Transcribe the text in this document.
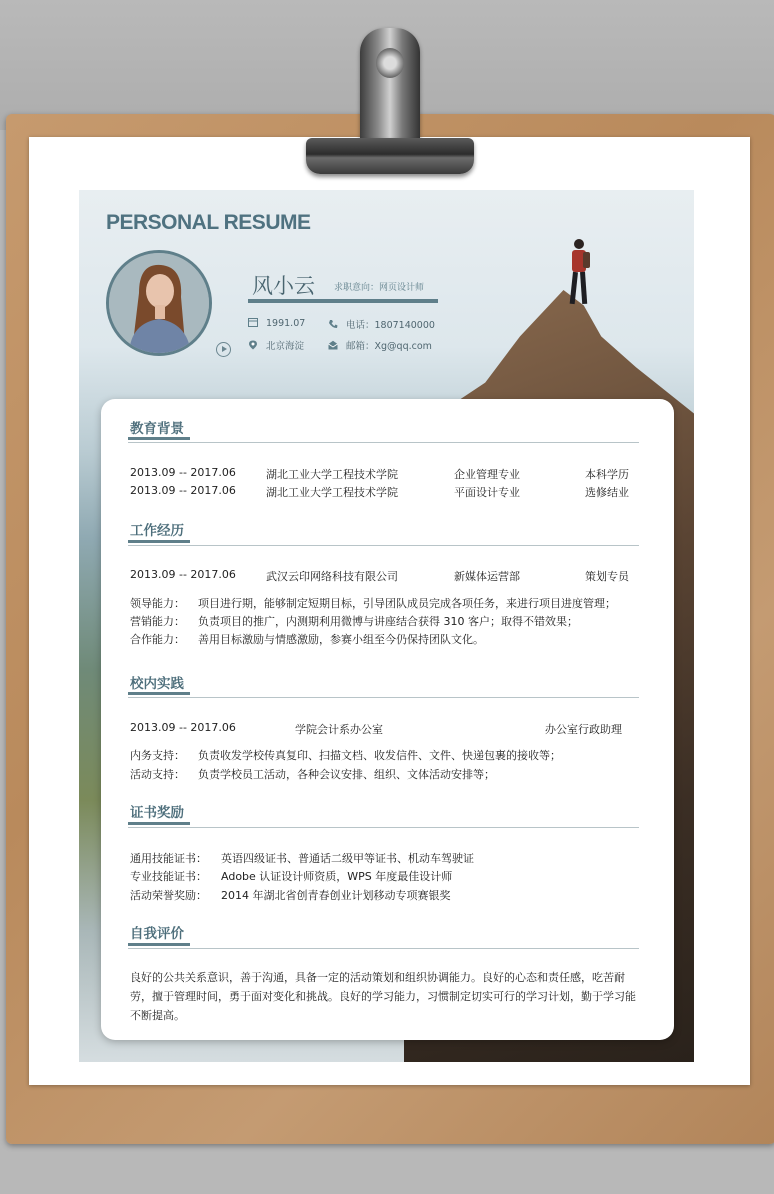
PERSONAL RESUME
风小云 求职意向：网页设计师
1991.07	电话：1807140000
北京海淀	邮箱：Xg@qq.com
教育背景
2013.09 -- 2017.06	湖北工业大学工程技术学院	企业管理专业	本科学历
2013.09 -- 2017.06	湖北工业大学工程技术学院	平面设计专业	选修结业
工作经历
2013.09 -- 2017.06	武汉云印网络科技有限公司	新媒体运营部	策划专员
领导能力： 项目进行期，能够制定短期目标，引导团队成员完成各项任务，来进行项目进度管理；
营销能力： 负责项目的推广，内测期利用微博与讲座结合获得 310 客户；取得不错效果；
合作能力： 善用目标激励与情感激励，参赛小组至今仍保持团队文化。
校内实践
2013.09 -- 2017.06	学院会计系办公室	办公室行政助理
内务支持： 负责收发学校传真复印、扫描文档、收发信件、文件、快递包裹的接收等；
活动支持： 负责学校员工活动，各种会议安排、组织、文体活动安排等；
证书奖励
通用技能证书： 英语四级证书、普通话二级甲等证书、机动车驾驶证
专业技能证书： Adobe 认证设计师资质，WPS 年度最佳设计师
活动荣誉奖励： 2014 年湖北省创青春创业计划移动专项赛银奖
自我评价
良好的公共关系意识，善于沟通，具备一定的活动策划和组织协调能力。良好的心态和责任感，吃苦耐劳，擅于管理时间，勇于面对变化和挑战。良好的学习能力，习惯制定切实可行的学习计划，勤于学习能不断提高。
